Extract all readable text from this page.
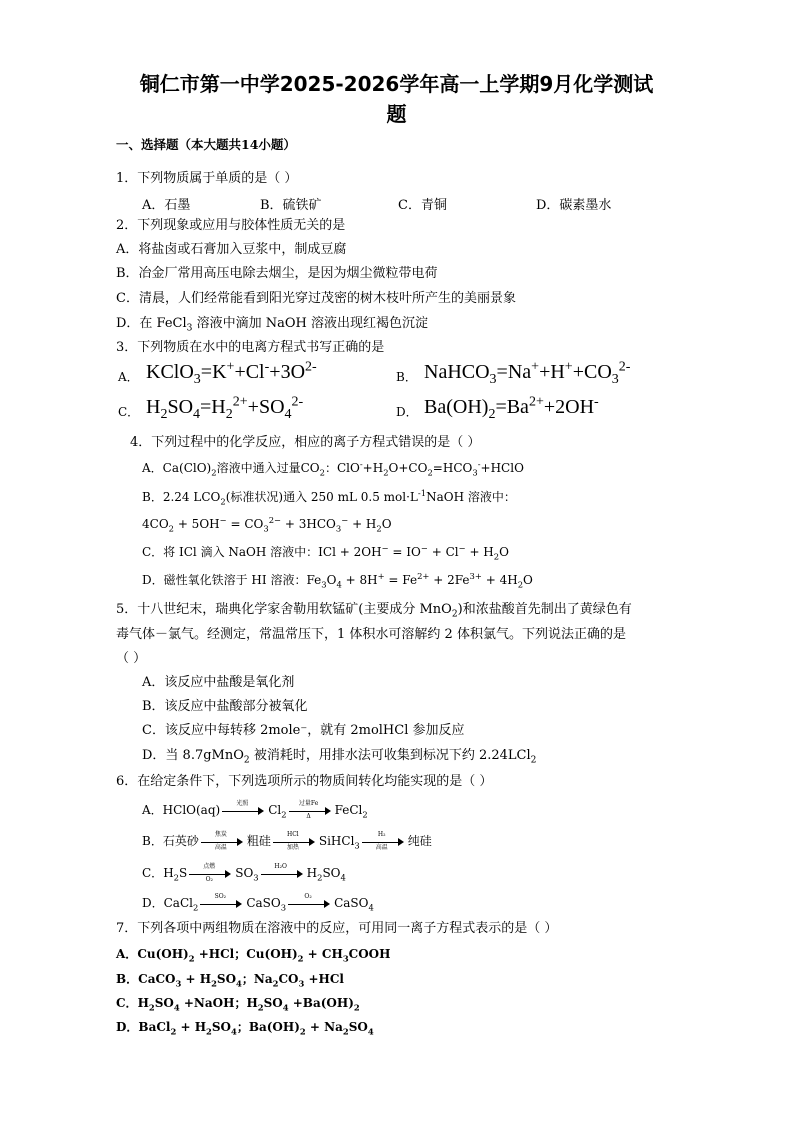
铜仁市第一中学2025-2026学年高一上学期9月化学测试
题
一、选择题（本大题共14小题）
1．下列物质属于单质的是（ ）
A．石墨	B．硫铁矿	C．青铜	D．碳素墨水
2．下列现象或应用与胶体性质无关的是
A．将盐卤或石膏加入豆浆中，制成豆腐
B．冶金厂常用高压电除去烟尘，是因为烟尘微粒带电荷
C．清晨，人们经常能看到阳光穿过茂密的树木枝叶所产生的美丽景象
D．在 FeCl$_3$ 溶液中滴加 NaOH 溶液出现红褐色沉淀
3．下列物质在水中的电离方程式书写正确的是
A． $KClO_3=K^++Cl^-+3O^{2-}$
B． $NaHCO_3=Na^++H^++CO_3^{2-}$
C． $H_2SO_4=H_2^{2+}+SO_4^{2-}$
D． $Ba(OH)_2=Ba^{2+}+2OH^-$
4．下列过程中的化学反应，相应的离子方程式错误的是（ ）
A．$Ca(ClO)_2$溶液中通入过量$CO_2$：$ClO^-+H_2O+CO_2=HCO_3^-+HClO$
B．2.24 $LCO_2$(标准状况)通入 250 mL 0.5 $mol\cdot L^{-1}NaOH$ 溶液中：
$4CO_2 + 5OH^- = CO_3^{2-} + 3HCO_3^- + H_2O$
C．将 ICl 滴入 NaOH 溶液中：ICl + $2OH^- = IO^- + Cl^- + H_2O$
D．磁性氧化铁溶于 HI 溶液：$Fe_3O_4 + 8H^+ = Fe^{2+} + 2Fe^{3+} + 4H_2O$
5．十八世纪末，瑞典化学家舍勒用软锰矿(主要成分 MnO$_2$)和浓盐酸首先制出了黄绿色有
毒气体－氯气。经测定，常温常压下，1 体积水可溶解约 2 体积氯气。下列说法正确的是
（ ）
A．该反应中盐酸是氧化剂
B．该反应中盐酸部分被氧化
C．该反应中每转移 2mole⁻，就有 2molHCl 参加反应
D．当 8.7gMnO$_2$ 被消耗时，用排水法可收集到标况下约 2.24LCl$_2$
6．在给定条件下，下列选项所示的物质间转化均能实现的是（ ）
A．HClO(aq)	光照	$Cl_2$
过量Fe
Δ	FeCl$_2$
B．石英砂	焦炭
高温	粗硅	HCl
加热	SiHCl$_3$
H₂
高温	纯硅
C．$H_2S$	点燃
O₂	$SO_3$
H₂O	$H_2SO_4$
D．CaCl$_2$
SO₂	CaSO$_3$
O₂	CaSO$_4$
7．下列各项中两组物质在溶液中的反应，可用同一离子方程式表示的是（ ）
A．$Cu(OH)_2 +HCl$；$Cu(OH)_2$ + $CH_3COOH$
B．CaCO$_3$ + $H_2SO_4$；$Na_2CO_3 +HCl$
C．$H_2SO_4$ +NaOH；$H_2SO_4 +Ba(OH)_2$
D．BaCl$_2$ + $H_2SO_4$；$Ba(OH)_2 + Na_2SO_4$
